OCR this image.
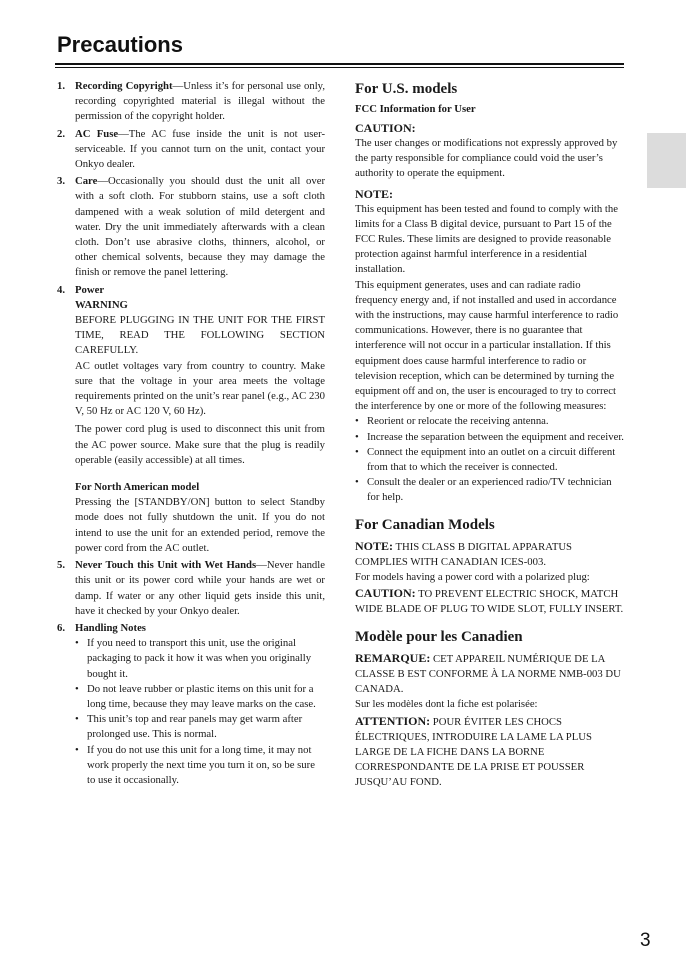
Precautions
1. Recording Copyright—Unless it’s for personal use only, recording copyrighted material is illegal without the permission of the copyright holder.
2. AC Fuse—The AC fuse inside the unit is not user-serviceable. If you cannot turn on the unit, contact your Onkyo dealer.
3. Care—Occasionally you should dust the unit all over with a soft cloth. For stubborn stains, use a soft cloth dampened with a weak solution of mild detergent and water. Dry the unit immediately afterwards with a clean cloth. Don’t use abrasive cloths, thinners, alcohol, or other chemical solvents, because they may damage the finish or remove the panel lettering.
4. Power
WARNING
BEFORE PLUGGING IN THE UNIT FOR THE FIRST TIME, READ THE FOLLOWING SECTION CAREFULLY.
AC outlet voltages vary from country to country. Make sure that the voltage in your area meets the voltage requirements printed on the unit’s rear panel (e.g., AC 230 V, 50 Hz or AC 120 V, 60 Hz).
The power cord plug is used to disconnect this unit from the AC power source. Make sure that the plug is readily operable (easily accessible) at all times.
For North American model
Pressing the [STANDBY/ON] button to select Standby mode does not fully shutdown the unit. If you do not intend to use the unit for an extended period, remove the power cord from the AC outlet.
5. Never Touch this Unit with Wet Hands—Never handle this unit or its power cord while your hands are wet or damp. If water or any other liquid gets inside this unit, have it checked by your Onkyo dealer.
6. Handling Notes
• If you need to transport this unit, use the original packaging to pack it how it was when you originally bought it.
• Do not leave rubber or plastic items on this unit for a long time, because they may leave marks on the case.
• This unit’s top and rear panels may get warm after prolonged use. This is normal.
• If you do not use this unit for a long time, it may not work properly the next time you turn it on, so be sure to use it occasionally.
For U.S. models
FCC Information for User
CAUTION:
The user changes or modifications not expressly approved by the party responsible for compliance could void the user’s authority to operate the equipment.
NOTE:
This equipment has been tested and found to comply with the limits for a Class B digital device, pursuant to Part 15 of the FCC Rules. These limits are designed to provide reasonable protection against harmful interference in a residential installation.
This equipment generates, uses and can radiate radio frequency energy and, if not installed and used in accordance with the instructions, may cause harmful interference to radio communications. However, there is no guarantee that interference will not occur in a particular installation. If this equipment does cause harmful interference to radio or television reception, which can be determined by turning the equipment off and on, the user is encouraged to try to correct the interference by one or more of the following measures:
• Reorient or relocate the receiving antenna.
• Increase the separation between the equipment and receiver.
• Connect the equipment into an outlet on a circuit different from that to which the receiver is connected.
• Consult the dealer or an experienced radio/TV technician for help.
For Canadian Models
NOTE: THIS CLASS B DIGITAL APPARATUS COMPLIES WITH CANADIAN ICES-003.
For models having a power cord with a polarized plug:
CAUTION: TO PREVENT ELECTRIC SHOCK, MATCH WIDE BLADE OF PLUG TO WIDE SLOT, FULLY INSERT.
Modèle pour les Canadien
REMARQUE: CET APPAREIL NUMÉRIQUE DE LA CLASSE B EST CONFORME À LA NORME NMB-003 DU CANADA.
Sur les modèles dont la fiche est polarisée:
ATTENTION: POUR ÉVITER LES CHOCS ÉLECTRIQUES, INTRODUIRE LA LAME LA PLUS LARGE DE LA FICHE DANS LA BORNE CORRESPONDANTE DE LA PRISE ET POUSSER JUSQU’AU FOND.
3
